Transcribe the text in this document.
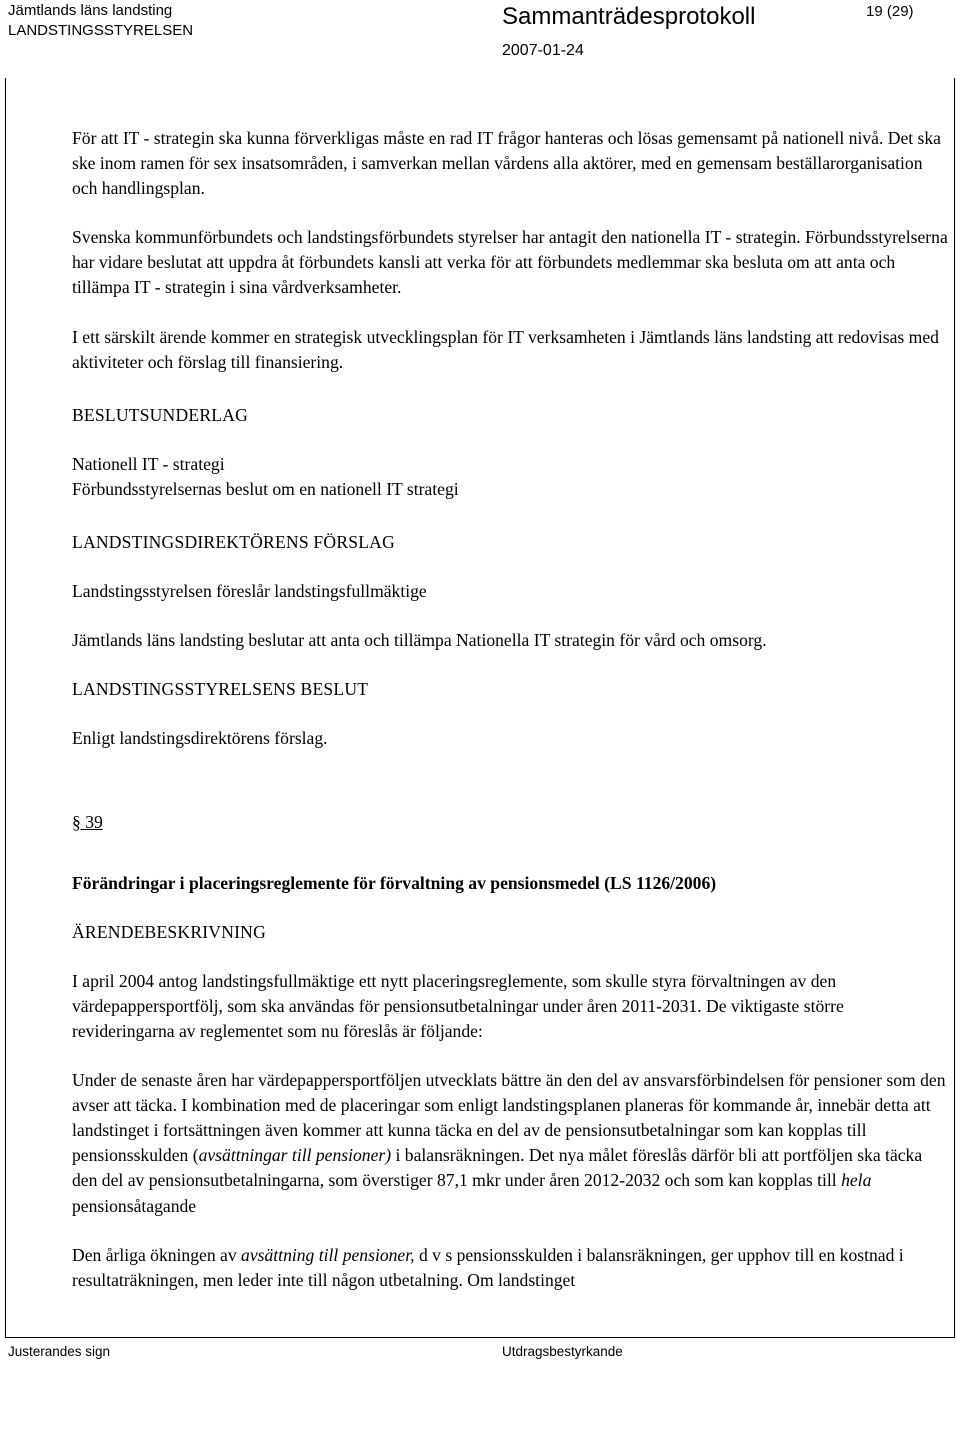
Jämtlands läns landsting
LANDSTINGSSTYRELSEN
Sammanträdesprotokoll
2007-01-24
19 (29)

För att IT - strategin ska kunna förverkligas måste en rad IT frågor hanteras och lösas gemensamt på nationell nivå. Det ska ske inom ramen för sex insatsområden, i samverkan mellan vårdens alla aktörer, med en gemensam beställarorganisation och handlingsplan.

Svenska kommunförbundets och landstingsförbundets styrelser har antagit den nationella IT - strategin. Förbundsstyrelserna har vidare beslutat att uppdra åt förbundets kansli att verka för att förbundets medlemmar ska besluta om att anta och tillämpa IT - strategin i sina vårdverksamheter.

I ett särskilt ärende kommer en strategisk utvecklingsplan för IT verksamheten i Jämtlands läns landsting att redovisas med aktiviteter och förslag till finansiering.

BESLUTSUNDERLAG

Nationell IT - strategi

Förbundsstyrelsernas beslut om en nationell IT strategi

LANDSTINGSDIREKTÖRENS FÖRSLAG

Landstingsstyrelsen föreslår landstingsfullmäktige

Jämtlands läns landsting beslutar att anta och tillämpa Nationella IT strategin för vård och omsorg.

LANDSTINGSSTYRELSENS BESLUT

Enligt landstingsdirektörens förslag.

§ 39

Förändringar i placeringsreglemente för förvaltning av pensionsmedel (LS 1126/2006)

ÄRENDEBESKRIVNING

I april 2004 antog landstingsfullmäktige ett nytt placeringsreglemente, som skulle styra förvaltningen av den värdepappersportfölj, som ska användas för pensionsutbetalningar under åren 2011-2031. De viktigaste större revideringarna av reglementet som nu föreslås är följande:

Under de senaste åren har värdepappersportföljen utvecklats bättre än den del av ansvarsförbindelsen för pensioner som den avser att täcka. I kombination med de placeringar som enligt landstingsplanen planeras för kommande år, innebär detta att landstinget i fortsättningen även kommer att kunna täcka en del av de pensionsutbetalningar som kan kopplas till pensionsskulden (avsättningar till pensioner) i balansräkningen. Det nya målet föreslås därför bli att portföljen ska täcka den del av pensionsutbetalningarna, som överstiger 87,1 mkr under åren 2012-2032 och som kan kopplas till hela pensionsåtagande

Den årliga ökningen av avsättning till pensioner, d v s pensionsskulden i balansräkningen, ger upphov till en kostnad i resultaträkningen, men leder inte till någon utbetalning. Om landstinget

Justerandes sign	Utdragsbestyrkande
